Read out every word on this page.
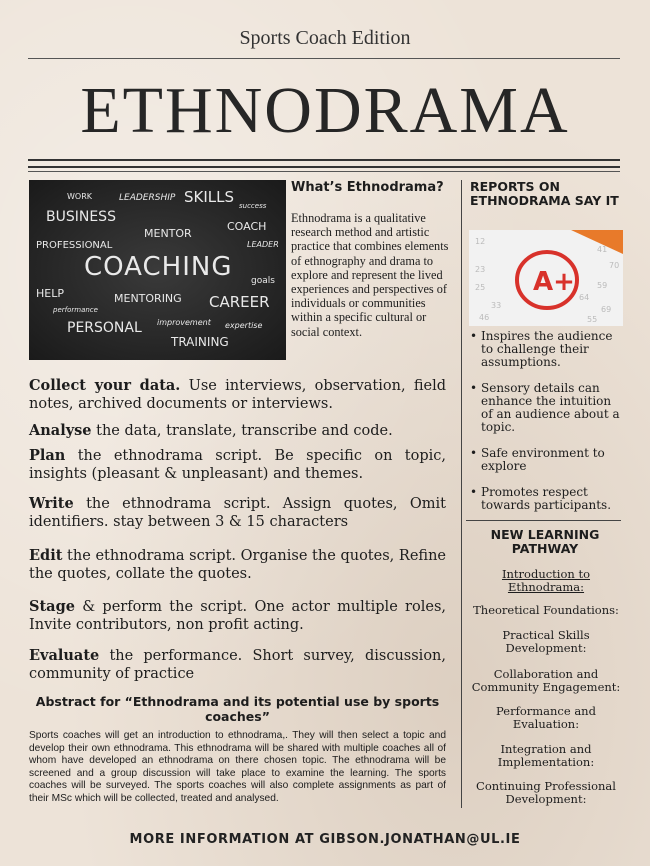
Sports Coach Edition
ETHNODRAMA
WORK	LEADERSHIP SKILLS
BUSINESS
MENTOR
COACH
PROFESSIONAL
COACHING goals
HELP	MENTORING CAREER
PERSONAL improvement
TRAINING
success
expertise
LEADER
performance
What’s Ethnodrama?
Ethnodrama is a qualitative research method and artistic practice that combines elements of ethnography and drama to explore and represent the lived experiences and perspectives of individuals or communities within a specific cultural or social context.
Collect your data. Use interviews, observation, field notes, archived documents or interviews.
Analyse the data, translate, transcribe and code.
Plan the ethnodrama script. Be specific on topic, insights (pleasant & unpleasant) and themes.
Write the ethnodrama script. Assign quotes, Omit identifiers. stay between 3 & 15 characters
Edit the ethnodrama script. Organise the quotes, Refine the quotes, collate the quotes.
Stage & perform the script. One actor multiple roles, Invite contributors, non profit acting.
Evaluate the performance. Short survey, discussion, community of practice
Abstract for “Ethnodrama and its potential use by sports coaches”
Sports coaches will get an introduction to ethnodrama,. They will then select a topic and develop their own ethnodrama. This ethnodrama will be shared with multiple coaches all of whom have developed an ethnodrama on there chosen topic. The ethnodrama will be screened and a group discussion will take place to examine the learning. The sports coaches will be surveyed. The sports coaches will also complete assignments as part of their MSc which will be collected, treated and analysed.
REPORTS ON ETHNODRAMA SAY IT
12
23
25
33
64
59
69
55
46
41
70
A+
• Inspires the audience to challenge their assumptions.
• Sensory details can enhance the intuition of an audience about a topic.
• Safe environment to explore
• Promotes respect towards participants.
NEW LEARNING PATHWAY
Introduction to Ethnodrama:
Theoretical Foundations:
Practical Skills Development:
Collaboration and Community Engagement:
Performance and Evaluation:
Integration and Implementation:
Continuing Professional Development:
MORE INFORMATION AT GIBSON.JONATHAN@UL.IE
